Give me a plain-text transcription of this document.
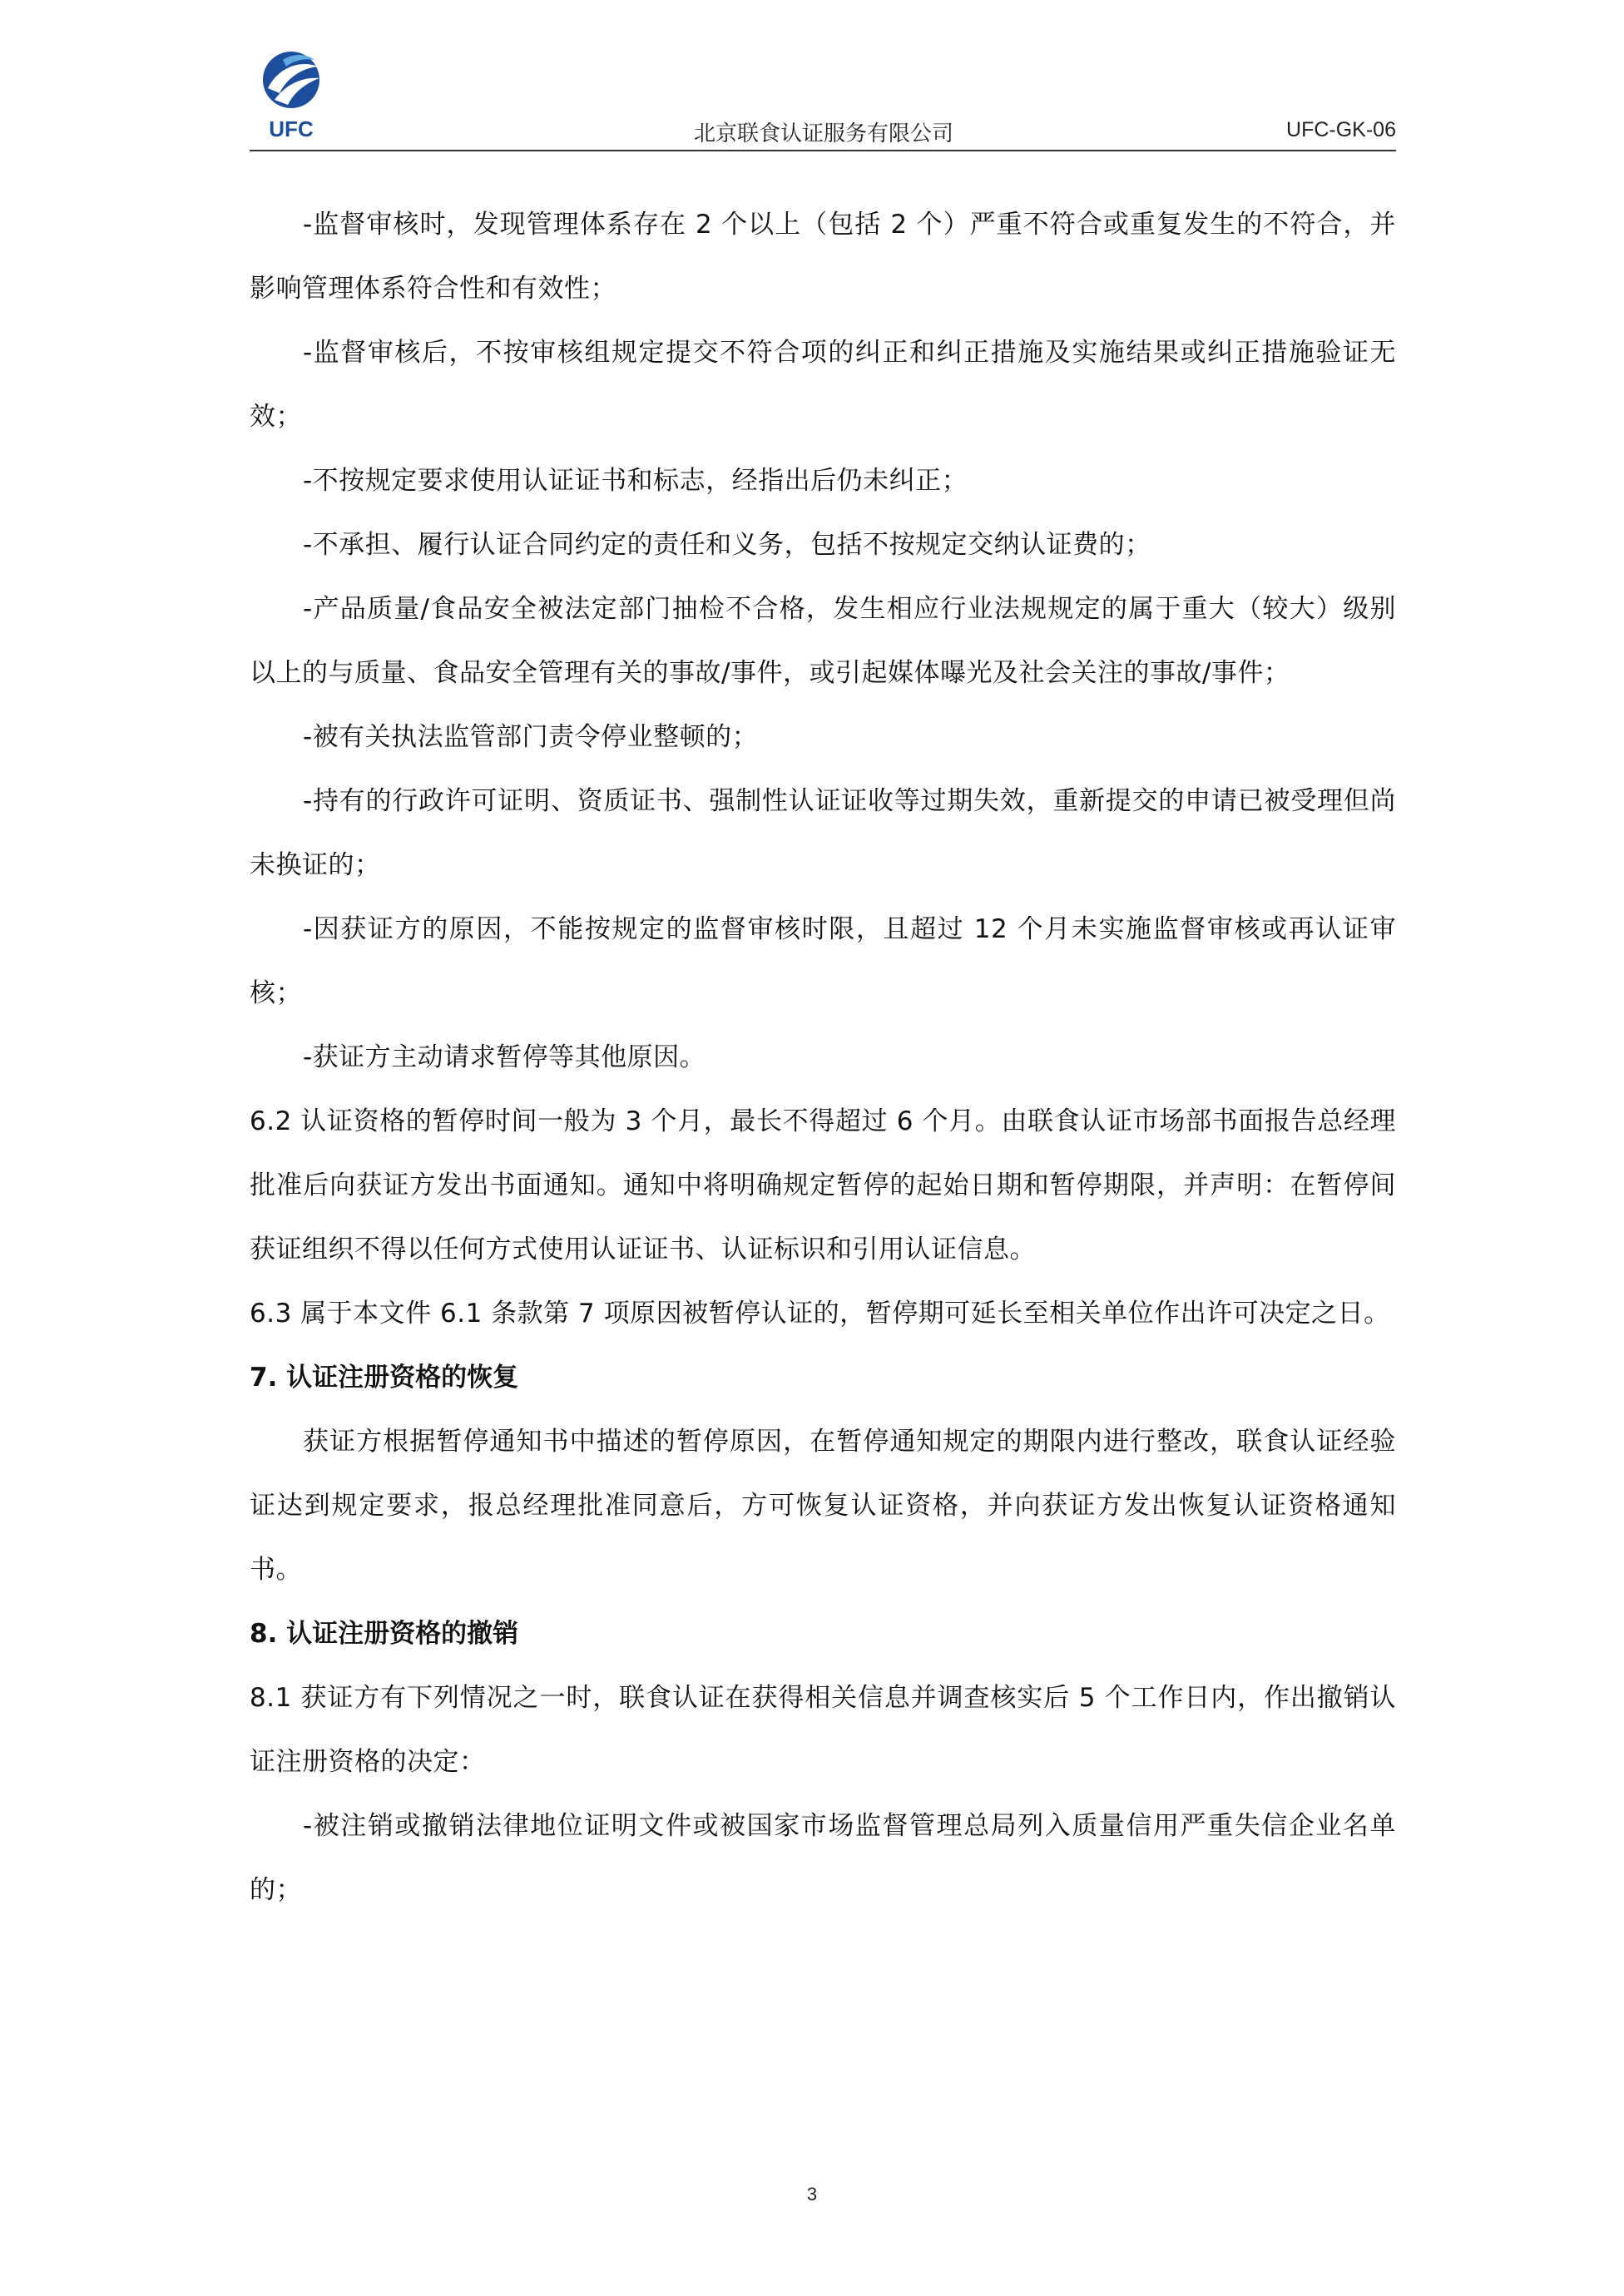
UFC	北京联食认证服务有限公司	UFC-GK-06

-监督审核时，发现管理体系存在 2 个以上（包括 2 个）严重不符合或重复发生的不符合，并影响管理体系符合性和有效性；

-监督审核后，不按审核组规定提交不符合项的纠正和纠正措施及实施结果或纠正措施验证无效；

-不按规定要求使用认证证书和标志，经指出后仍未纠正；

-不承担、履行认证合同约定的责任和义务，包括不按规定交纳认证费的；

-产品质量/食品安全被法定部门抽检不合格，发生相应行业法规规定的属于重大（较大）级别以上的与质量、食品安全管理有关的事故/事件，或引起媒体曝光及社会关注的事故/事件；

-被有关执法监管部门责令停业整顿的；

-持有的行政许可证明、资质证书、强制性认证证收等过期失效，重新提交的申请已被受理但尚未换证的；

-因获证方的原因，不能按规定的监督审核时限，且超过 12 个月未实施监督审核或再认证审核；

-获证方主动请求暂停等其他原因。

6.2 认证资格的暂停时间一般为 3 个月，最长不得超过 6 个月。由联食认证市场部书面报告总经理批准后向获证方发出书面通知。通知中将明确规定暂停的起始日期和暂停期限，并声明：在暂停间获证组织不得以任何方式使用认证证书、认证标识和引用认证信息。

6.3 属于本文件 6.1 条款第 7 项原因被暂停认证的，暂停期可延长至相关单位作出许可决定之日。

7. 认证注册资格的恢复

获证方根据暂停通知书中描述的暂停原因，在暂停通知规定的期限内进行整改，联食认证经验证达到规定要求，报总经理批准同意后，方可恢复认证资格，并向获证方发出恢复认证资格通知书。

8. 认证注册资格的撤销

8.1 获证方有下列情况之一时，联食认证在获得相关信息并调查核实后 5 个工作日内，作出撤销认证注册资格的决定：

-被注销或撤销法律地位证明文件或被国家市场监督管理总局列入质量信用严重失信企业名单的；

3
